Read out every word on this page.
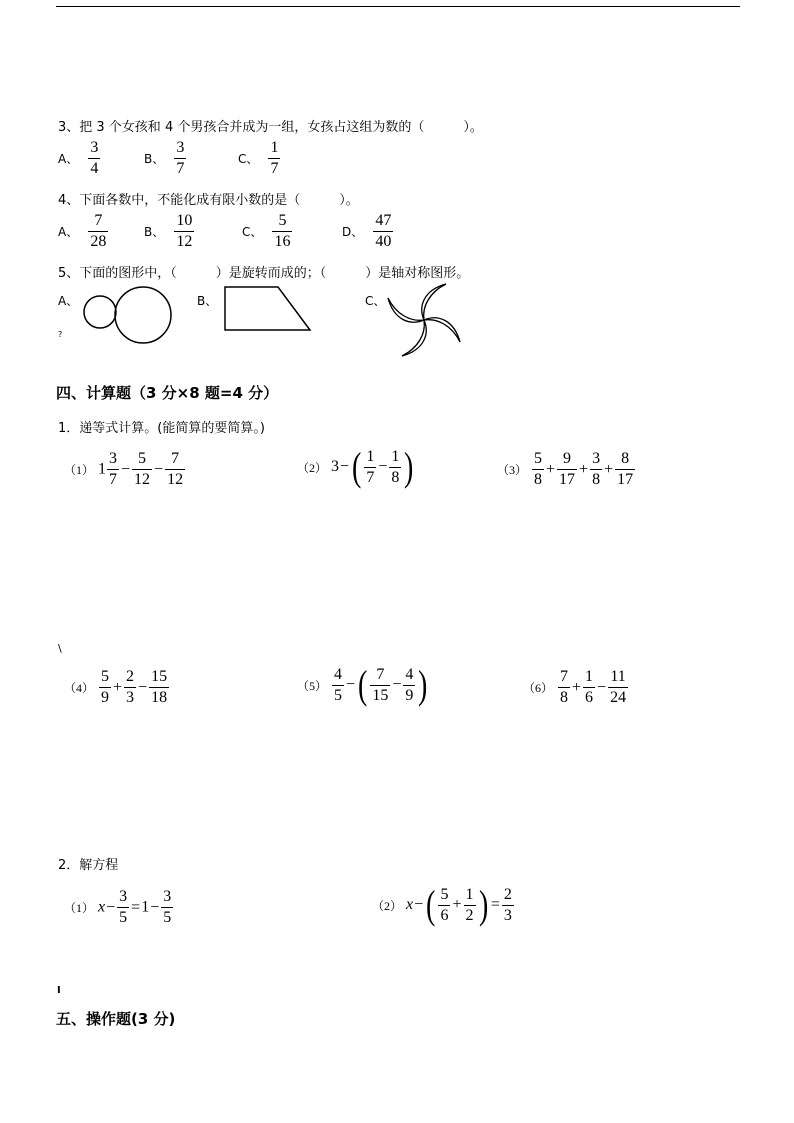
3、把 3 个女孩和 4 个男孩合并成为一组，女孩占这组为数的（　　　）。
A、 $\frac{3}{4}$	B、 $\frac{3}{7}$	C、 $\frac{1}{7}$
4、下面各数中，不能化成有限小数的是（　　　）。
A、 $\frac{7}{28}$	B、 $\frac{10}{12}$	C、 $\frac{5}{16}$	D、 $\frac{47}{40}$
5、下面的图形中，（　　　）是旋转而成的；（　　　）是轴对称图形。
A、	B、	C、
?
四、计算题（3 分×8 题=4 分）
1．递等式计算。(能简算的要简算。)
（1） $1 \frac{3}{7} - \frac{5}{12} - \frac{7}{12}$	（2） $3-( \frac{1}{7} - \frac{1}{8}$ )	$(3) \frac{5}{8} + \frac{9}{17} + \frac{3}{8} + \frac{8}{17}$
\
$(4) \frac{5}{9} + \frac{2}{3} - \frac{15}{18}$	$(5) \frac{4}{5}$ −( $\frac{7}{15} - \frac{4}{9}$ )	$(6) \frac{7}{8} + \frac{1}{6} - \frac{11}{24}$
2．解方程
（1） $x- \frac{3}{5} =1- \frac{3}{5}$	（2） $x-( \frac{5}{6} + \frac{1}{2}$ ) = $\frac{2}{3}$
I
五、操作题(3 分)
